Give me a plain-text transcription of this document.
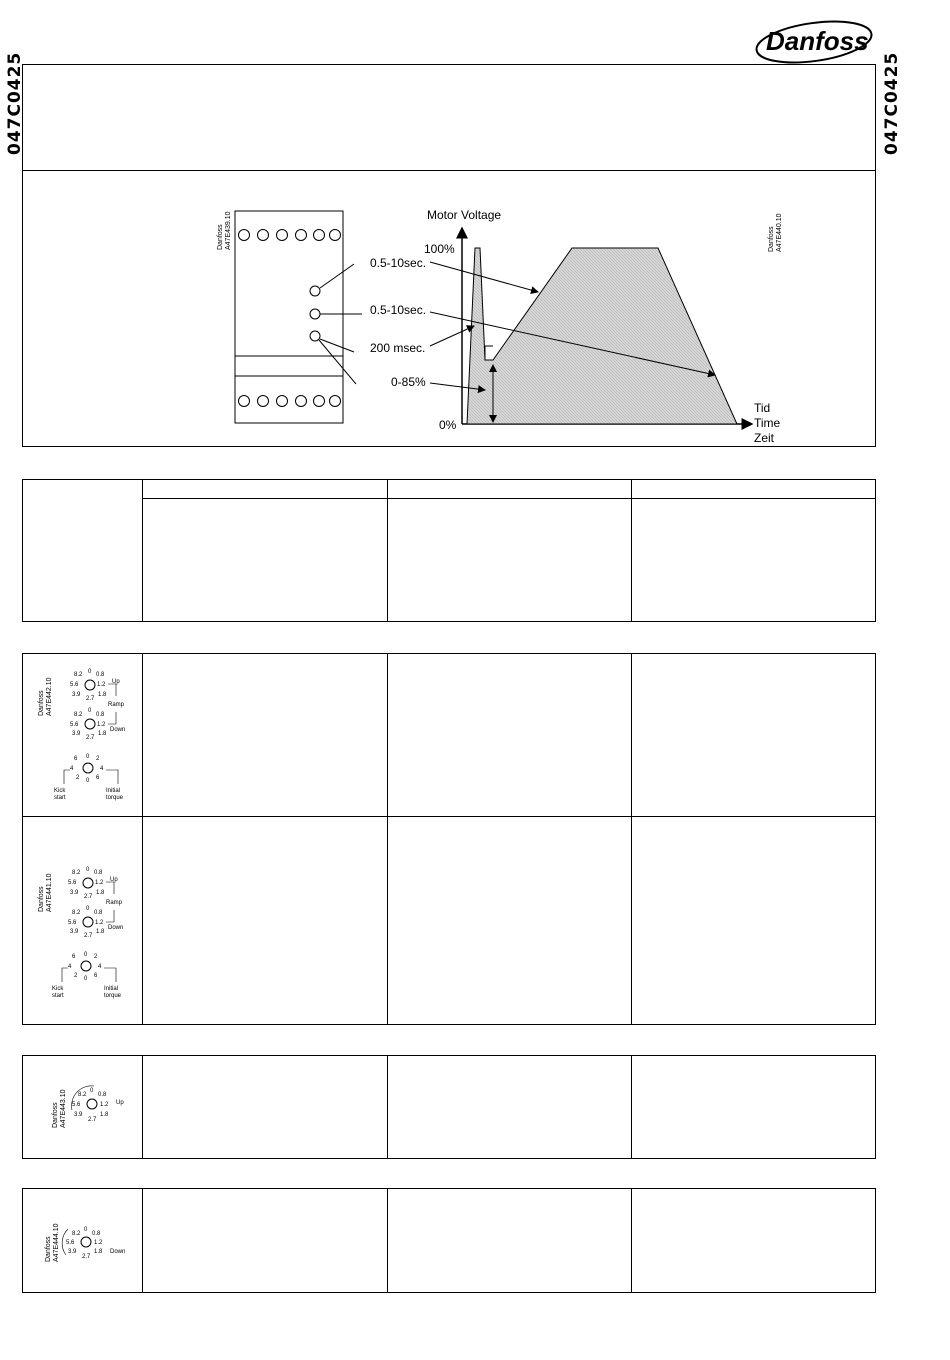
Danfoss
047C0425	047C0425
Danfoss A47E439.10	Motor Voltage
100%
0%
0.5-10sec.
0.5-10sec.
200 msec.
0-85%
Tid
Time
Zeit
Danfoss A47E440.10
Danfoss A47E442.10
0
8.2 0.8
5.6	1.2
3.9	1.8
2.7
Up
Ramp
0
8.2 0.8
5.6	1.2
3.9	1.8
2.7
Down
0
6	2
4	4
2	6
0
Kick
start
Initial
torque
Danfoss A47E441.10
0
8.2 0.8
5.6	1.2
3.9	1.8
2.7
Up
Ramp
0
8.2 0.8
5.6	1.2
3.9	1.8
2.7
Down
0
6	2
4	4
2	6
0
Kick
start
Initial
torque
Danfoss A47E443.10	0
8.2 0.8
5.6	1.2
3.9	1.8
2.7
Up
Danfoss A47E444.10	0
8.2 0.8
5.6	1.2
3.9	1.8
2.7
Down
